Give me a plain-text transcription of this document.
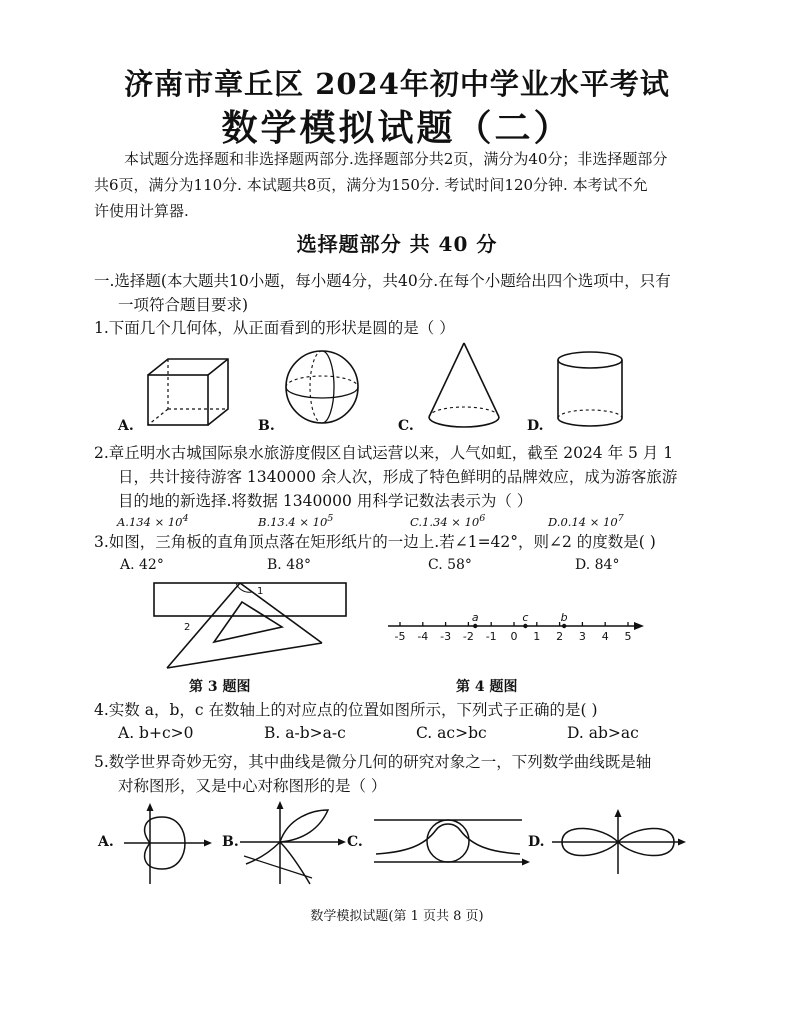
济南市章丘区 2024年初中学业水平考试
数学模拟试题（二）
本试题分选择题和非选择题两部分.选择题部分共2页，满分为40分；非选择题部分
共6页，满分为110分. 本试题共8页，满分为150分. 考试时间120分钟. 本考试不允
许使用计算器.
选择题部分 共 40 分
一.选择题(本大题共10小题，每小题4分，共40分.在每个小题给出四个选项中，只有
一项符合题目要求)
1.下面几个几何体，从正面看到的形状是圆的是（ ）
A.	B.	C.	D.
2.章丘明水古城国际泉水旅游度假区自试运营以来，人气如虹，截至 2024 年 5 月 1
日，共计接待游客 1340000 余人次，形成了特色鲜明的品牌效应，成为游客旅游
目的地的新选择.将数据 1340000 用科学记数法表示为（ ）
$A.134 \times 10^4$	$B.13.4 \times 10^5$	$C.1.34 \times 10^6$	$D.0.14 \times 10^7$
3.如图，三角板的直角顶点落在矩形纸片的一边上.若∠1=42°，则∠2 的度数是( )
A. 42°	B. 48°	C. 58°	D. 84°
1
2
第 3 题图
-5 -4 -3 -2 -1 0 1 2 3 4 5
a	c	b
第 4 题图
4.实数 a，b，c 在数轴上的对应点的位置如图所示，下列式子正确的是( )
A. b+c>0	B. a-b>a-c	C. ac>bc	D. ab>ac
5.数学世界奇妙无穷，其中曲线是微分几何的研究对象之一，下列数学曲线既是轴
对称图形，又是中心对称图形的是（ ）
A.	B.	C.	D.
数学模拟试题(第 1 页共 8 页)
